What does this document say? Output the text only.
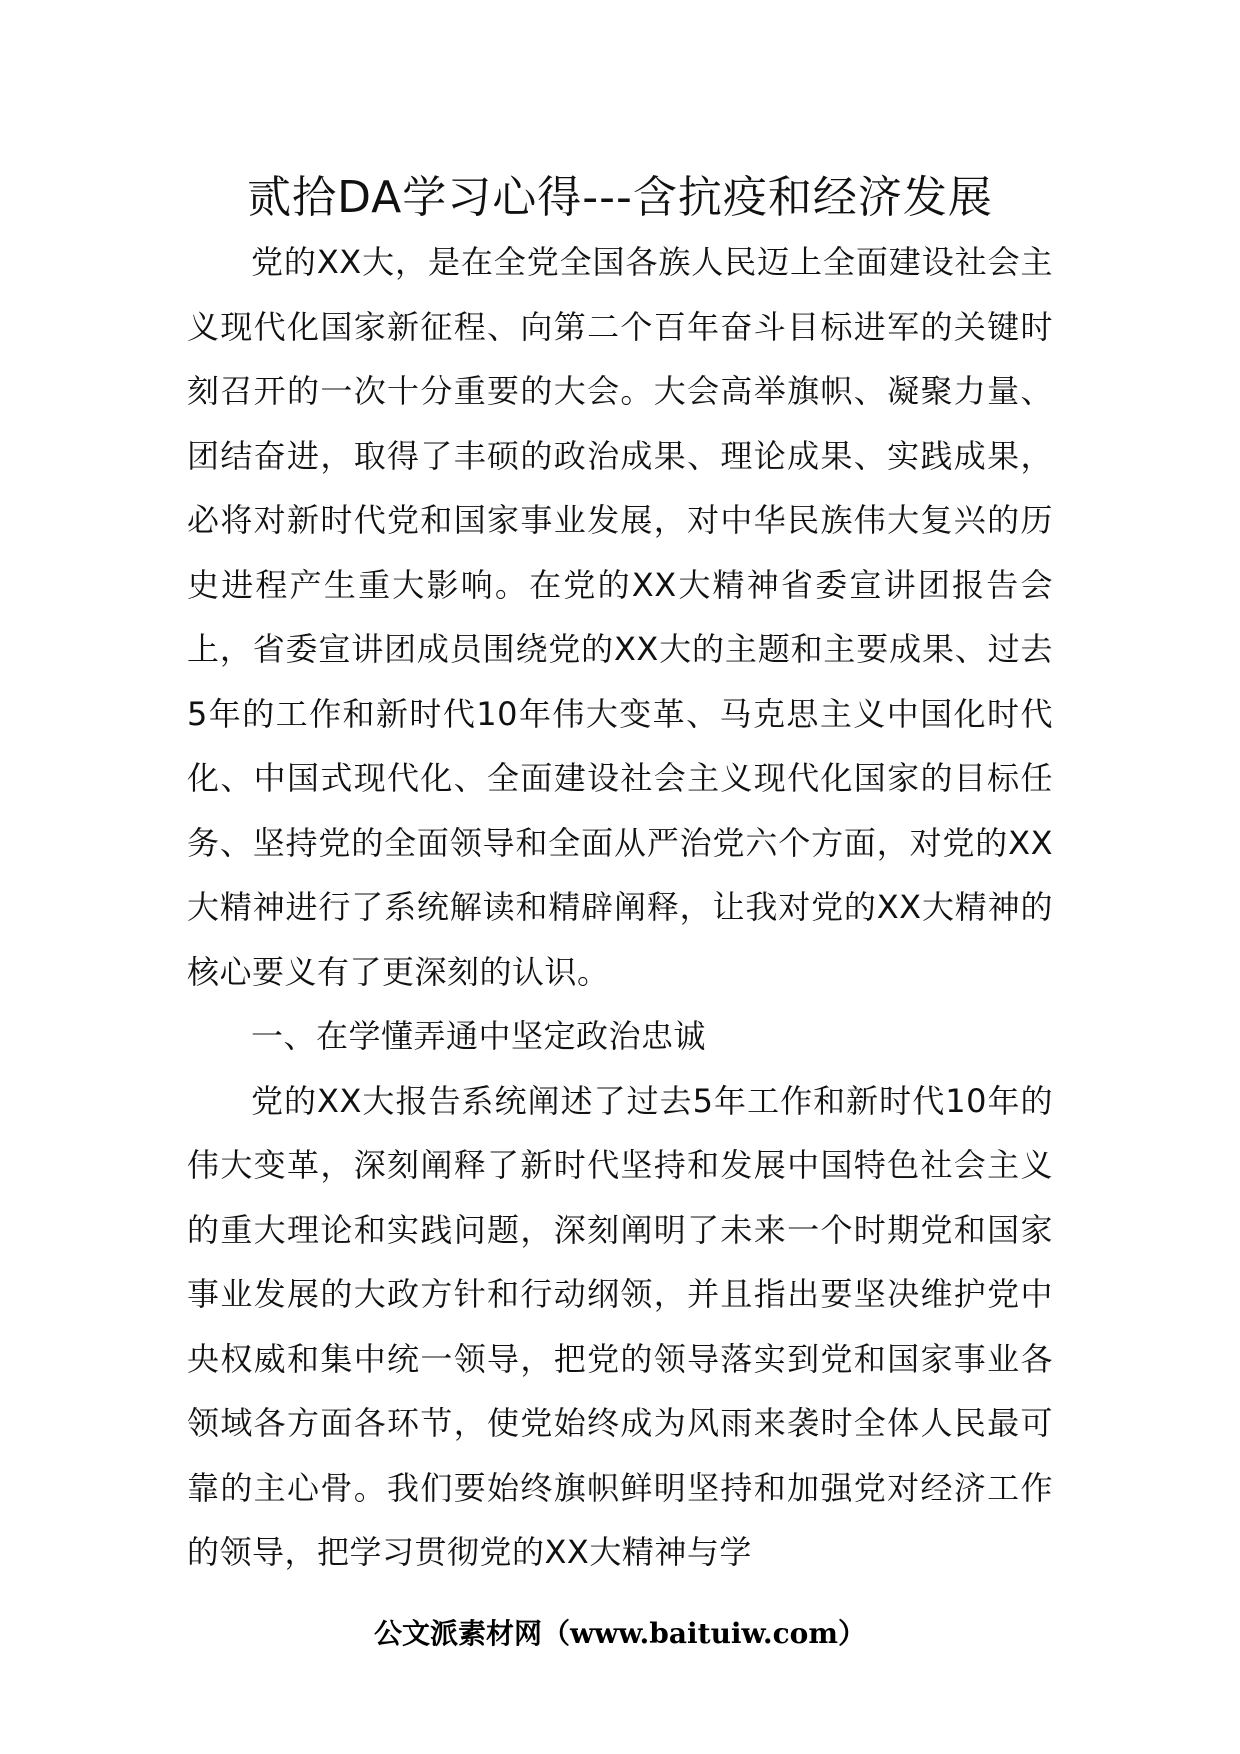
贰拾DA学习心得---含抗疫和经济发展

党的XX大，是在全党全国各族人民迈上全面建设社会主义现代化国家新征程、向第二个百年奋斗目标进军的关键时刻召开的一次十分重要的大会。大会高举旗帜、凝聚力量、团结奋进，取得了丰硕的政治成果、理论成果、实践成果，必将对新时代党和国家事业发展，对中华民族伟大复兴的历史进程产生重大影响。在党的XX大精神省委宣讲团报告会上，省委宣讲团成员围绕党的XX大的主题和主要成果、过去5年的工作和新时代10年伟大变革、马克思主义中国化时代化、中国式现代化、全面建设社会主义现代化国家的目标任务、坚持党的全面领导和全面从严治党六个方面，对党的XX大精神进行了系统解读和精辟阐释，让我对党的XX大精神的核心要义有了更深刻的认识。

一、在学懂弄通中坚定政治忠诚

党的XX大报告系统阐述了过去5年工作和新时代10年的伟大变革，深刻阐释了新时代坚持和发展中国特色社会主义的重大理论和实践问题，深刻阐明了未来一个时期党和国家事业发展的大政方针和行动纲领，并且指出要坚决维护党中央权威和集中统一领导，把党的领导落实到党和国家事业各领域各方面各环节，使党始终成为风雨来袭时全体人民最可靠的主心骨。我们要始终旗帜鲜明坚持和加强党对经济工作的领导，把学习贯彻党的XX大精神与学

公文派素材网（www.baituiw.com）
